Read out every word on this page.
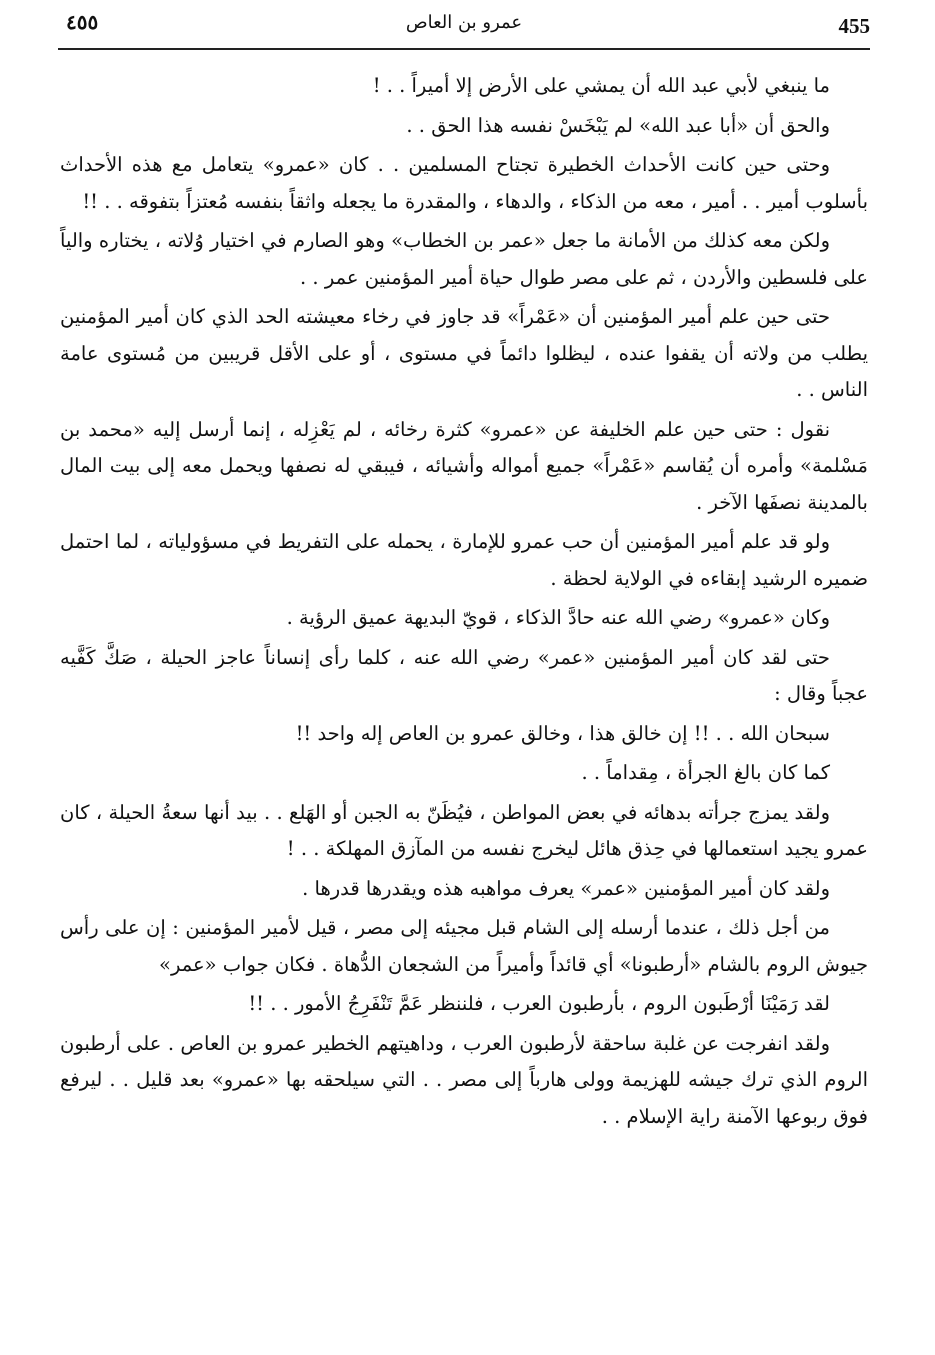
455
عمرو بن العاص
٤٥٥

ما ينبغي لأبي عبد الله أن يمشي على الأرض إلا أميراً . . !

والحق أن «أبا عبد الله» لم يَبْخَسْ نفسه هذا الحق . .

وحتى حين كانت الأحداث الخطيرة تجتاح المسلمين . . كان «عمرو» يتعامل مع هذه الأحداث بأسلوب أمير . . أمير ، معه من الذكاء ، والدهاء ، والمقدرة ما يجعله واثقاً بنفسه مُعتزاً بتفوقه . . !!

ولكن معه كذلك من الأمانة ما جعل «عمر بن الخطاب» وهو الصارم في اختيار وُلاته ، يختاره والياً على فلسطين والأردن ، ثم على مصر طوال حياة أمير المؤمنين عمر . .

حتى حين علم أمير المؤمنين أن «عَمْراً» قد جاوز في رخاء معيشته الحد الذي كان أمير المؤمنين يطلب من ولاته أن يقفوا عنده ، ليظلوا دائماً في مستوى ، أو على الأقل قريبين من مُستوى عامة الناس . .

نقول : حتى حين علم الخليفة عن «عمرو» كثرة رخائه ، لم يَعْزِله ، إنما أرسل إليه «محمد بن مَسْلمة» وأمره أن يُقاسم «عَمْراً» جميع أمواله وأشيائه ، فيبقي له نصفها ويحمل معه إلى بيت المال بالمدينة نصفَها الآخر .

ولو قد علم أمير المؤمنين أن حب عمرو للإمارة ، يحمله على التفريط في مسؤولياته ، لما احتمل ضميره الرشيد إبقاءه في الولاية لحظة .

وكان «عمرو» رضي الله عنه حادَّ الذكاء ، قويّ البديهة عميق الرؤية .

حتى لقد كان أمير المؤمنين «عمر» رضي الله عنه ، كلما رأى إنساناً عاجز الحيلة ، صَكَّ كَفَّيه عجباً وقال :

سبحان الله . . !! إن خالق هذا ، وخالق عمرو بن العاص إله واحد !!

كما كان بالغ الجرأة ، مِقداماً . .

ولقد يمزج جرأته بدهائه في بعض المواطن ، فيُظَنّ به الجبن أو الهَلع . . بيد أنها سعةُ الحيلة ، كان عمرو يجيد استعمالها في حِذق هائل ليخرج نفسه من المآزق المهلكة . . !

ولقد كان أمير المؤمنين «عمر» يعرف مواهبه هذه ويقدرها قدرها .

من أجل ذلك ، عندما أرسله إلى الشام قبل مجيئه إلى مصر ، قيل لأمير المؤمنين : إن على رأس جيوش الروم بالشام «أرطبونا» أي قائداً وأميراً من الشجعان الدُّهاة . فكان جواب «عمر»

لقد رَمَيْنَا أرْطَبون الروم ، بأرطبون العرب ، فلننظر عَمَّ تَنْفَرِجُ الأمور . . !!

ولقد انفرجت عن غلبة ساحقة لأرطبون العرب ، وداهيتهم الخطير عمرو بن العاص . على أرطبون الروم الذي ترك جيشه للهزيمة وولى هارباً إلى مصر . . التي سيلحقه بها «عمرو» بعد قليل . . ليرفع فوق ربوعها الآمنة راية الإسلام . .
